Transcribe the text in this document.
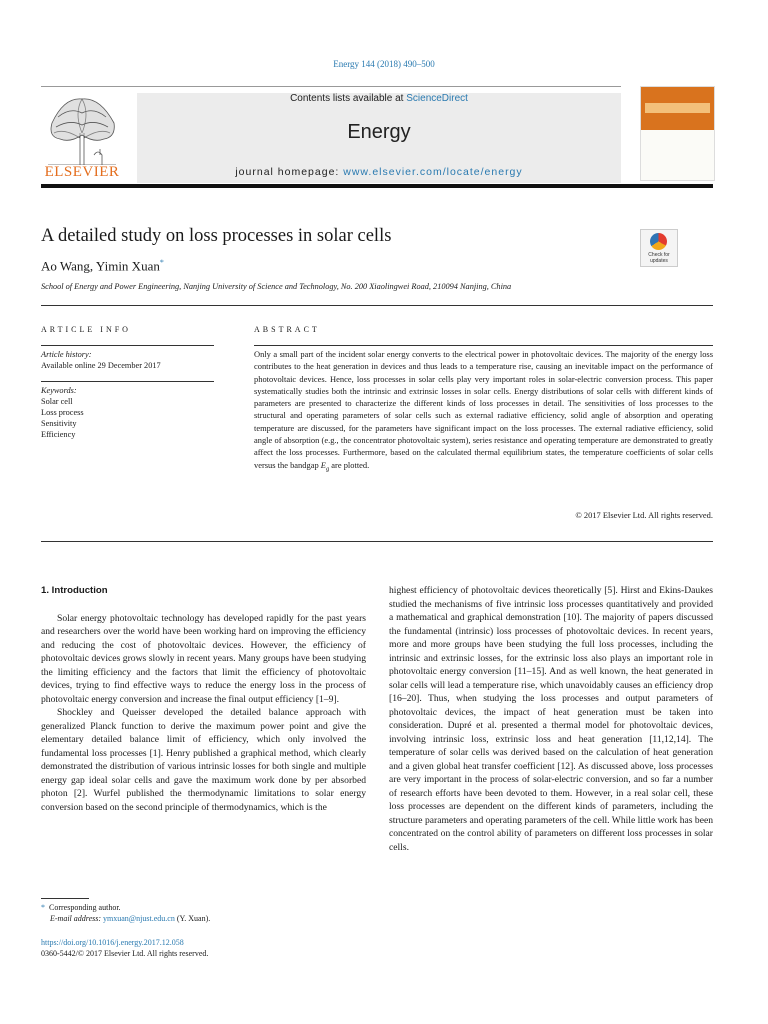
Energy 144 (2018) 490–500
ELSEVIER
Contents lists available at ScienceDirect
Energy
journal homepage: www.elsevier.com/locate/energy
A detailed study on loss processes in solar cells
Ao Wang, Yimin Xuan*
School of Energy and Power Engineering, Nanjing University of Science and Technology, No. 200 Xiaolingwei Road, 210094 Nanjing, China
Check for updates
ARTICLE INFO	ABSTRACT
Article history:
Available online 29 December 2017
Keywords:
Solar cell
Loss process
Sensitivity
Efficiency
Only a small part of the incident solar energy converts to the electrical power in photovoltaic devices. The majority of the energy loss contributes to the heat generation in devices and thus leads to a temperature rise, causing an inevitable impact on the performance of photovoltaic devices. Hence, loss processes in solar cells play very important roles in solar-electric conversion process. This paper systematically studies both the intrinsic and extrinsic losses in solar cells. Energy distributions of solar cells with different kinds of parameters are presented to characterize the different kinds of loss processes in detail. The sensitivities of loss processes to the structural and operating parameters of solar cells such as external radiative efficiency, solid angle of absorption and operating temperature are discussed, for the parameters have significant impact on the loss processes. The external radiative efficiency, solid angle of absorption (e.g., the concentrator photovoltaic system), series resistance and operating temperature are demonstrated to greatly affect the loss processes. Furthermore, based on the calculated thermal equilibrium states, the temperature coefficients of solar cells versus the bandgap $E_g$ are plotted.
© 2017 Elsevier Ltd. All rights reserved.

1. Introduction

Solar energy photovoltaic technology has developed rapidly for the past years and researchers over the world have been working hard on improving the efficiency and reducing the cost of photovoltaic devices. However, the efficiency of photovoltaic devices grows slowly in recent years. Many groups have been studying the limiting efficiency and the factors that limit the efficiency of photovoltaic devices, trying to find effective ways to reduce the energy loss in the process of photovoltaic energy conversion and increase the final output efficiency [1–9].

Shockley and Queisser developed the detailed balance approach with generalized Planck function to derive the maximum power point and give the elementary detailed balance limit of efficiency, which only involved the fundamental loss processes [1]. Henry published a graphical method, which clearly demonstrated the distribution of various intrinsic losses for both single and multiple energy gap ideal solar cells and gave the maximum work done by per absorbed photon [2]. Wurfel published the thermodynamic limitations to solar energy conversion based on the second principle of thermodynamics, which is the

highest efficiency of photovoltaic devices theoretically [5]. Hirst and Ekins-Daukes studied the mechanisms of five intrinsic loss processes quantitatively and provided a mathematical and graphical demonstration [10]. The majority of papers discussed the fundamental (intrinsic) loss processes of photovoltaic devices. In recent years, more and more groups have been studying the full loss processes, including the intrinsic and extrinsic losses, for the extrinsic loss also plays an important role in photovoltaic energy conversion [11–15]. And as well known, the heat generated in solar cells will lead a temperature rise, which unavoidably causes an efficiency drop [16–20]. Thus, when studying the loss processes and output parameters of photovoltaic devices, the impact of heat generation must be taken into consideration. Dupré et al. presented a thermal model for photovoltaic devices, involving intrinsic loss, extrinsic loss and heat generation [11,12,14]. The temperature of solar cells was derived based on the calculation of heat generation and a given global heat transfer coefficient [12]. As discussed above, loss processes are very important in the process of solar-electric conversion, and so far a number of research efforts have been devoted to them. However, in a real solar cell, these loss processes are dependent on the different kinds of parameters, including the structure parameters and operating parameters of the cell. While little work has been concentrated on the control ability of parameters on different loss processes in solar cells.

* Corresponding author.
E-mail address: ymxuan@njust.edu.cn (Y. Xuan).
https://doi.org/10.1016/j.energy.2017.12.058
0360-5442/© 2017 Elsevier Ltd. All rights reserved.
